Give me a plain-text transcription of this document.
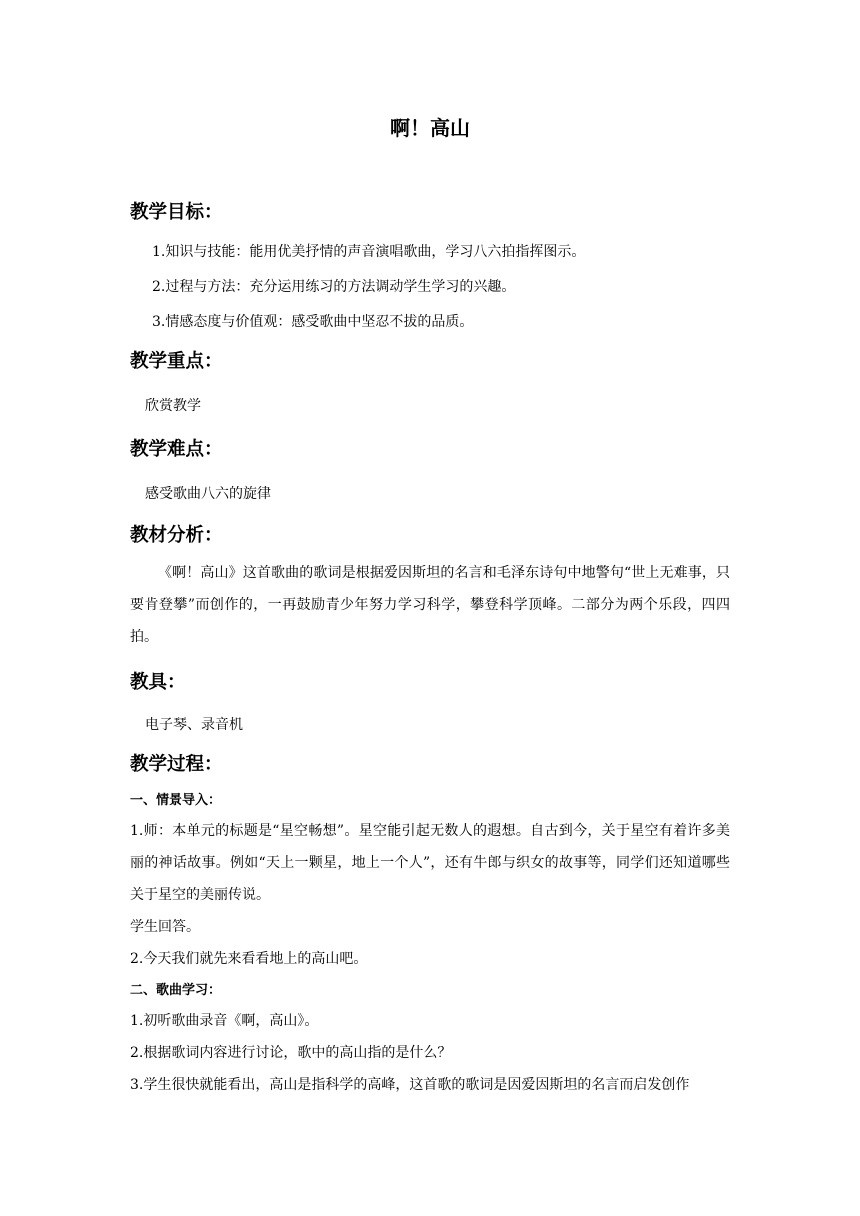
啊！高山

教学目标：

1.知识与技能：能用优美抒情的声音演唱歌曲，学习八六拍指挥图示。

2.过程与方法：充分运用练习的方法调动学生学习的兴趣。

3.情感态度与价值观：感受歌曲中坚忍不拔的品质。

教学重点：

欣赏教学

教学难点：

感受歌曲八六的旋律

教材分析：

《啊！高山》这首歌曲的歌词是根据爱因斯坦的名言和毛泽东诗句中地警句“世上无难事，只要肯登攀”而创作的，一再鼓励青少年努力学习科学，攀登科学顶峰。二部分为两个乐段，四四拍。

教具：

电子琴、录音机

教学过程：

一、情景导入：

1.师：本单元的标题是“星空畅想”。星空能引起无数人的遐想。自古到今，关于星空有着许多美丽的神话故事。例如“天上一颗星，地上一个人”，还有牛郎与织女的故事等，同学们还知道哪些关于星空的美丽传说。

学生回答。

2.今天我们就先来看看地上的高山吧。

二、歌曲学习：

1.初听歌曲录音《啊，高山》。

2.根据歌词内容进行讨论，歌中的高山指的是什么？

3.学生很快就能看出，高山是指科学的高峰，这首歌的歌词是因爱因斯坦的名言而启发创作
